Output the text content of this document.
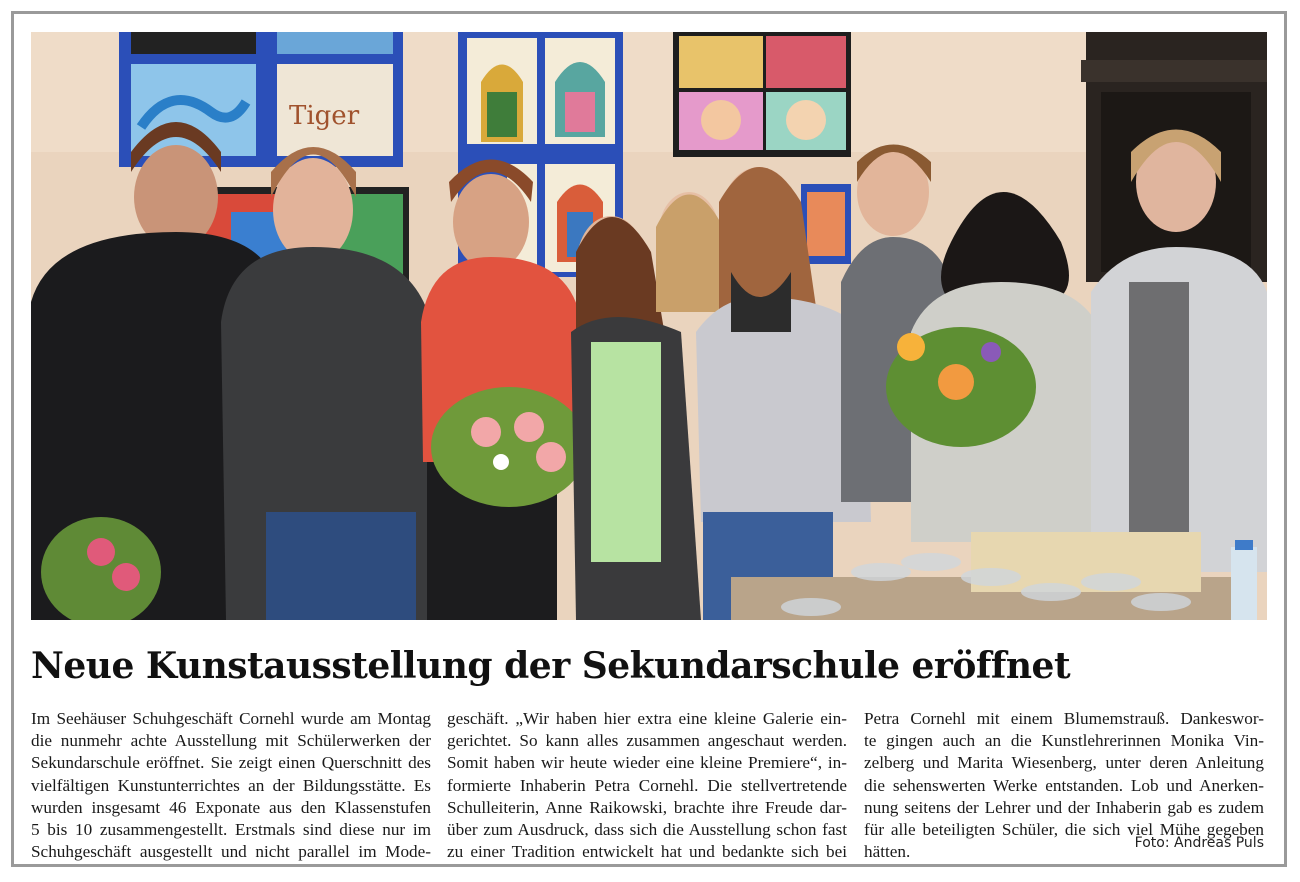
Tiger
Neue Kunstausstellung der Sekundarschule eröffnet
Im Seehäuser Schuhgeschäft Cornehl wurde am Montag
die nunmehr achte Ausstellung mit Schülerwerken der
Sekundarschule eröffnet. Sie zeigt einen Querschnitt des
vielfältigen Kunstunterrichtes an der Bildungsstätte. Es
wurden insgesamt 46 Exponate aus den Klassenstufen
5 bis 10 zusammengestellt. Erstmals sind diese nur im
Schuhgeschäft ausgestellt und nicht parallel im Mode-
geschäft. „Wir haben hier extra eine kleine Galerie ein-
gerichtet. So kann alles zusammen angeschaut werden.
Somit haben wir heute wieder eine kleine Premiere“, in-
formierte Inhaberin Petra Cornehl. Die stellvertretende
Schulleiterin, Anne Raikowski, brachte ihre Freude dar-
über zum Ausdruck, dass sich die Ausstellung schon fast
zu einer Tradition entwickelt hat und bedankte sich bei
Petra Cornehl mit einem Blumemstrauß. Dankeswor-
te gingen auch an die Kunstlehrerinnen Monika Vin-
zelberg und Marita Wiesenberg, unter deren Anleitung
die sehenswerten Werke entstanden. Lob und Anerken-
nung seitens der Lehrer und der Inhaberin gab es zudem
für alle beteiligten Schüler, die sich viel Mühe gegeben
hätten.	Foto: Andreas Puls
